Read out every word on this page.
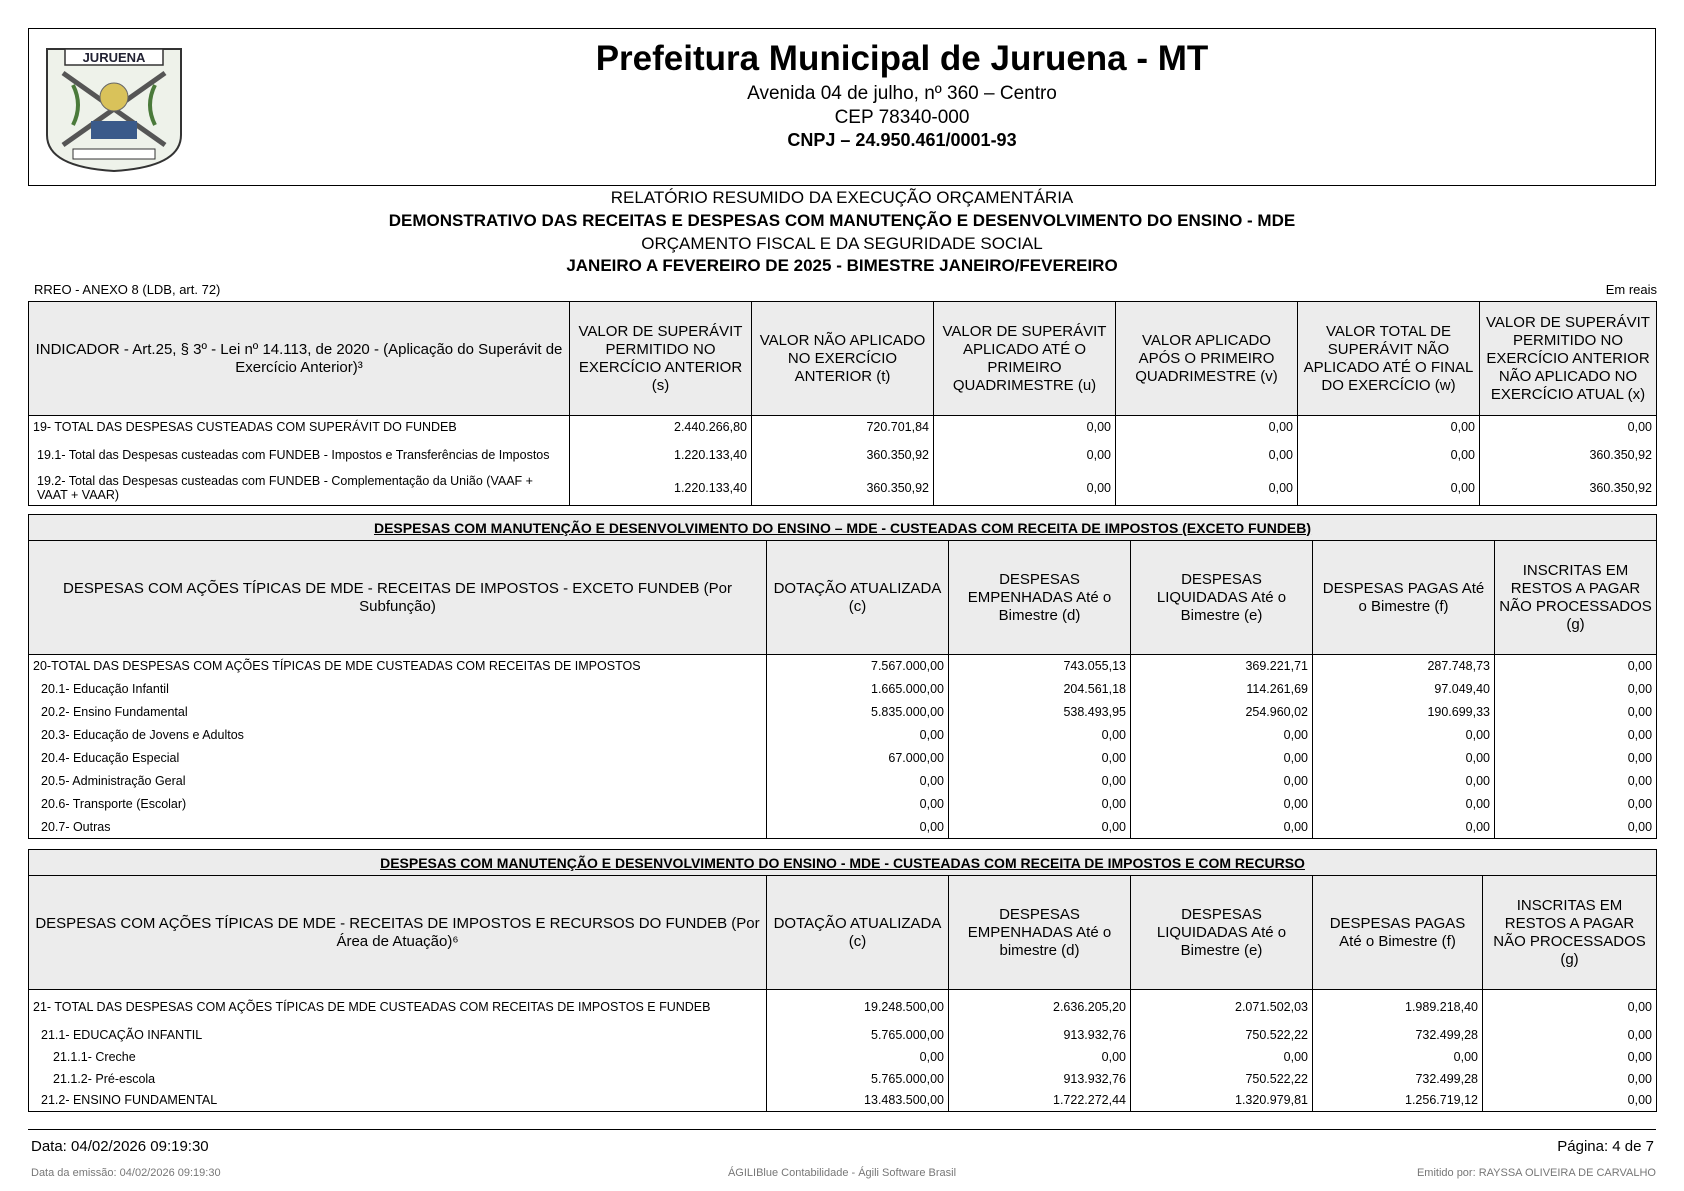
JURUENA	Prefeitura Municipal de Juruena - MT
Avenida 04 de julho, nº 360 – Centro
CEP 78340-000
CNPJ – 24.950.461/0001-93
RELATÓRIO RESUMIDO DA EXECUÇÃO ORÇAMENTÁRIA
DEMONSTRATIVO DAS RECEITAS E DESPESAS COM MANUTENÇÃO E DESENVOLVIMENTO DO ENSINO - MDE
ORÇAMENTO FISCAL E DA SEGURIDADE SOCIAL
JANEIRO A FEVEREIRO DE 2025 - BIMESTRE JANEIRO/FEVEREIRO
RREO - ANEXO 8 (LDB, art. 72)	Em reais
INDICADOR - Art.25, § 3º - Lei nº 14.113, de 2020 - (Aplicação do Superávit de Exercício Anterior)³	VALOR DE SUPERÁVIT PERMITIDO NO EXERCÍCIO ANTERIOR (s)	VALOR NÃO APLICADO NO EXERCÍCIO ANTERIOR (t)	VALOR DE SUPERÁVIT APLICADO ATÉ O PRIMEIRO QUADRIMESTRE (u)	VALOR APLICADO APÓS O PRIMEIRO QUADRIMESTRE (v)	VALOR TOTAL DE SUPERÁVIT NÃO APLICADO ATÉ O FINAL DO EXERCÍCIO (w)	VALOR DE SUPERÁVIT PERMITIDO NO EXERCÍCIO ANTERIOR NÃO APLICADO NO EXERCÍCIO ATUAL (x)
19- TOTAL DAS DESPESAS CUSTEADAS COM SUPERÁVIT DO FUNDEB	2.440.266,80	720.701,84	0,00	0,00	0,00	0,00
19.1- Total das Despesas custeadas com FUNDEB - Impostos e Transferências de Impostos	1.220.133,40	360.350,92	0,00	0,00	0,00	360.350,92
19.2- Total das Despesas custeadas com FUNDEB - Complementação da União (VAAF + VAAT + VAAR)	1.220.133,40	360.350,92	0,00	0,00	0,00	360.350,92
DESPESAS COM MANUTENÇÃO E DESENVOLVIMENTO DO ENSINO – MDE - CUSTEADAS COM RECEITA DE IMPOSTOS (EXCETO FUNDEB)					
DESPESAS COM AÇÕES TÍPICAS DE MDE - RECEITAS DE IMPOSTOS - EXCETO FUNDEB (Por Subfunção)	DOTAÇÃO ATUALIZADA (c)	DESPESAS EMPENHADAS Até o Bimestre (d)	DESPESAS LIQUIDADAS Até o Bimestre (e)	DESPESAS PAGAS Até o Bimestre (f)	INSCRITAS EM RESTOS A PAGAR NÃO PROCESSADOS (g)
20-TOTAL DAS DESPESAS COM AÇÕES TÍPICAS DE MDE CUSTEADAS COM RECEITAS DE IMPOSTOS	7.567.000,00	743.055,13	369.221,71	287.748,73	0,00
20.1- Educação Infantil	1.665.000,00	204.561,18	114.261,69	97.049,40	0,00
20.2- Ensino Fundamental	5.835.000,00	538.493,95	254.960,02	190.699,33	0,00
20.3- Educação de Jovens e Adultos	0,00	0,00	0,00	0,00	0,00
20.4- Educação Especial	67.000,00	0,00	0,00	0,00	0,00
20.5- Administração Geral	0,00	0,00	0,00	0,00	0,00
20.6- Transporte (Escolar)	0,00	0,00	0,00	0,00	0,00
20.7- Outras	0,00	0,00	0,00	0,00	0,00
DESPESAS COM MANUTENÇÃO E DESENVOLVIMENTO DO ENSINO - MDE - CUSTEADAS COM RECEITA DE IMPOSTOS E COM RECURSO					
DESPESAS COM AÇÕES TÍPICAS DE MDE - RECEITAS DE IMPOSTOS E RECURSOS DO FUNDEB (Por Área de Atuação)⁶	DOTAÇÃO ATUALIZADA (c)	DESPESAS EMPENHADAS Até o bimestre (d)	DESPESAS LIQUIDADAS Até o Bimestre (e)	DESPESAS PAGAS Até o Bimestre (f)	INSCRITAS EM RESTOS A PAGAR NÃO PROCESSADOS (g)
21- TOTAL DAS DESPESAS COM AÇÕES TÍPICAS DE MDE CUSTEADAS COM RECEITAS DE IMPOSTOS E FUNDEB	19.248.500,00	2.636.205,20	2.071.502,03	1.989.218,40	0,00
21.1- EDUCAÇÃO INFANTIL	5.765.000,00	913.932,76	750.522,22	732.499,28	0,00
21.1.1- Creche	0,00	0,00	0,00	0,00	0,00
21.1.2- Pré-escola	5.765.000,00	913.932,76	750.522,22	732.499,28	0,00
21.2- ENSINO FUNDAMENTAL	13.483.500,00	1.722.272,44	1.320.979,81	1.256.719,12	0,00
Data: 04/02/2026 09:19:30	Página: 4 de 7
Data da emissão: 04/02/2026 09:19:30	ÁGILIBlue Contabilidade - Ágili Software Brasil	Emitido por: RAYSSA OLIVEIRA DE CARVALHO
